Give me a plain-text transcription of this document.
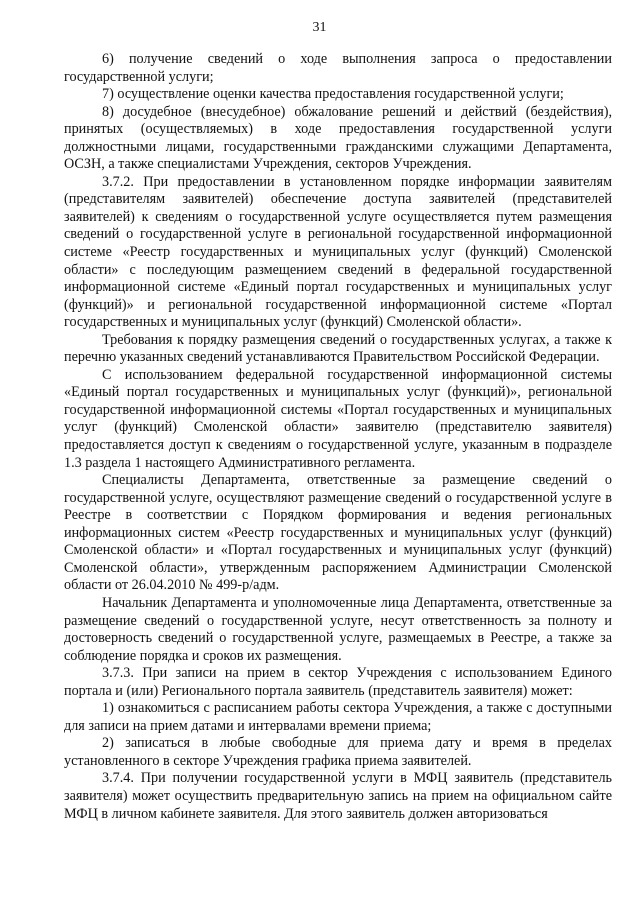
31

6) получение сведений о ходе выполнения запроса о предоставлении государственной услуги;

7) осуществление оценки качества предоставления государственной услуги;

8) досудебное (внесудебное) обжалование решений и действий (бездействия), принятых (осуществляемых) в ходе предоставления государственной услуги должностными лицами, государственными гражданскими служащими Департамента, ОСЗН, а также специалистами Учреждения, секторов Учреждения.

3.7.2. При предоставлении в установленном порядке информации заявителям (представителям заявителей) обеспечение доступа заявителей (представителей заявителей) к сведениям о государственной услуге осуществляется путем размещения сведений о государственной услуге в региональной государственной информационной системе «Реестр государственных и муниципальных услуг (функций) Смоленской области» с последующим размещением сведений в федеральной государственной информационной системе «Единый портал государственных и муниципальных услуг (функций)» и региональной государственной информационной системе «Портал государственных и муниципальных услуг (функций) Смоленской области».

Требования к порядку размещения сведений о государственных услугах, а также к перечню указанных сведений устанавливаются Правительством Российской Федерации.

С использованием федеральной государственной информационной системы «Единый портал государственных и муниципальных услуг (функций)», региональной государственной информационной системы «Портал государственных и муниципальных услуг (функций) Смоленской области» заявителю (представителю заявителя) предоставляется доступ к сведениям о государственной услуге, указанным в подразделе 1.3 раздела 1 настоящего Административного регламента.

Специалисты Департамента, ответственные за размещение сведений о государственной услуге, осуществляют размещение сведений о государственной услуге в Реестре в соответствии с Порядком формирования и ведения региональных информационных систем «Реестр государственных и муниципальных услуг (функций) Смоленской области» и «Портал государственных и муниципальных услуг (функций) Смоленской области», утвержденным распоряжением Администрации Смоленской области от 26.04.2010 № 499-р/адм.

Начальник Департамента и уполномоченные лица Департамента, ответственные за размещение сведений о государственной услуге, несут ответственность за полноту и достоверность сведений о государственной услуге, размещаемых в Реестре, а также за соблюдение порядка и сроков их размещения.

3.7.3. При записи на прием в сектор Учреждения с использованием Единого портала и (или) Регионального портала заявитель (представитель заявителя) может:

1) ознакомиться с расписанием работы сектора Учреждения, а также с доступными для записи на прием датами и интервалами времени приема;

2) записаться в любые свободные для приема дату и время в пределах установленного в секторе Учреждения графика приема заявителей.

3.7.4. При получении государственной услуги в МФЦ заявитель (представитель заявителя) может осуществить предварительную запись на прием на официальном сайте МФЦ в личном кабинете заявителя. Для этого заявитель должен авторизоваться
